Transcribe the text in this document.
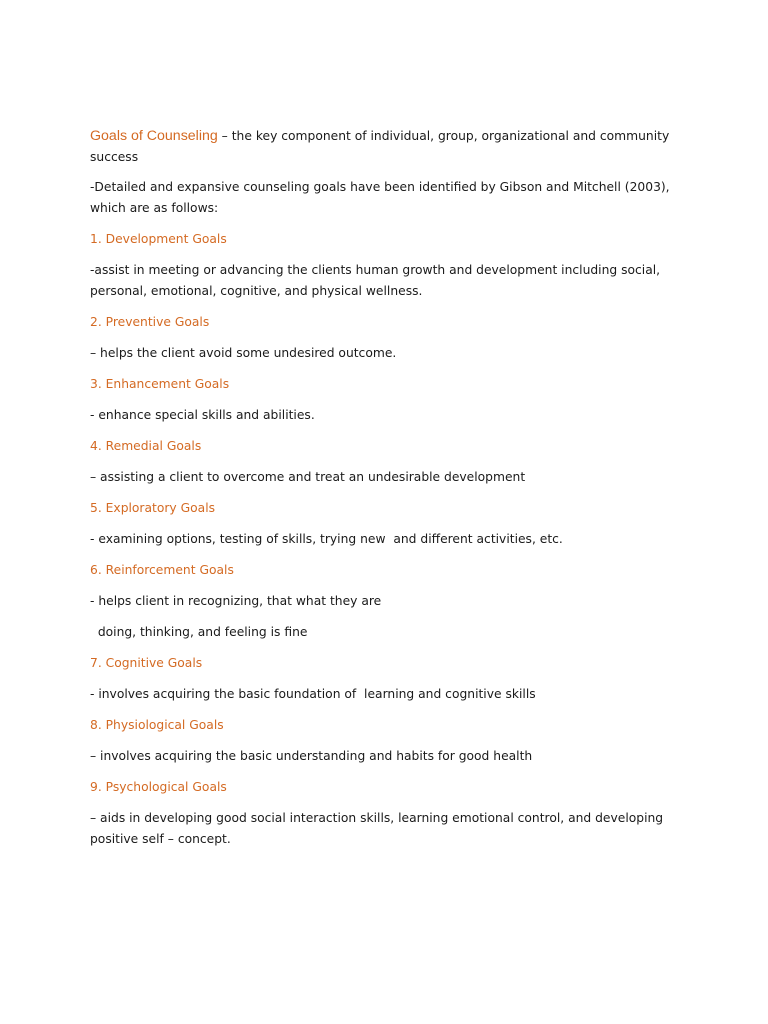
Goals of Counseling – the key component of individual, group, organizational and community success

-Detailed and expansive counseling goals have been identified by Gibson and Mitchell (2003), which are as follows:

1. Development Goals
-assist in meeting or advancing the clients human growth and development including social, personal, emotional, cognitive, and physical wellness.
2. Preventive Goals
– helps the client avoid some undesired outcome.
3. Enhancement Goals
- enhance special skills and abilities.
4. Remedial Goals
– assisting a client to overcome and treat an undesirable development
5. Exploratory Goals
- examining options, testing of skills, trying new  and different activities, etc.
6. Reinforcement Goals
- helps client in recognizing, that what they are
doing, thinking, and feeling is fine
7. Cognitive Goals
- involves acquiring the basic foundation of  learning and cognitive skills
8. Physiological Goals
– involves acquiring the basic understanding and habits for good health
9. Psychological Goals
– aids in developing good social interaction skills, learning emotional control, and developing positive self – concept.
